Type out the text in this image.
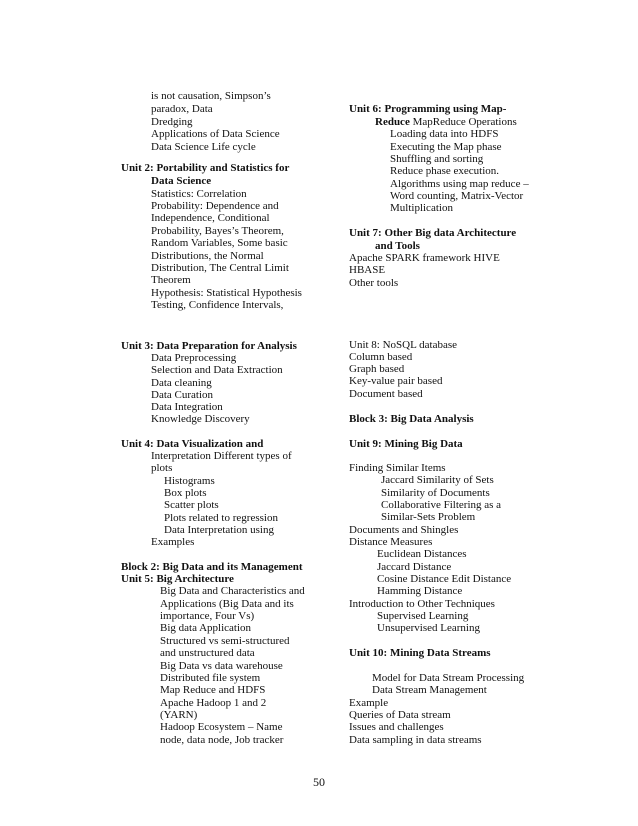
is not causation, Simpson’s
paradox, Data
Dredging
Applications of Data Science
Data Science Life cycle
Unit 2: Portability and Statistics for
Data Science
Statistics: Correlation
Probability: Dependence and
Independence, Conditional
Probability, Bayes’s Theorem,
Random Variables, Some basic
Distributions, the Normal
Distribution, The Central Limit
Theorem
Hypothesis: Statistical Hypothesis
Testing, Confidence Intervals,
Unit 3: Data Preparation for Analysis
Data Preprocessing
Selection and Data Extraction
Data cleaning
Data Curation
Data Integration
Knowledge Discovery
Unit 4: Data Visualization and
Interpretation Different types of
plots
Histograms
Box plots
Scatter plots
Plots related to regression
Data Interpretation using
Examples
Block 2: Big Data and its Management
Unit 5: Big Architecture
Big Data and Characteristics and
Applications (Big Data and its
importance, Four Vs)
Big data Application
Structured vs semi-structured
and unstructured data
Big Data vs data warehouse
Distributed file system
Map Reduce and HDFS
Apache Hadoop 1 and 2
(YARN)
Hadoop Ecosystem – Name
node, data node, Job tracker
Unit 6: Programming using Map-
Reduce MapReduce Operations
Loading data into HDFS
Executing the Map phase
Shuffling and sorting
Reduce phase execution.
Algorithms using map reduce –
Word counting, Matrix-Vector
Multiplication
Unit 7: Other Big data Architecture
and Tools
Apache SPARK framework HIVE
HBASE
Other tools
Unit 8: NoSQL database
Column based
Graph based
Key-value pair based
Document based
Block 3: Big Data Analysis
Unit 9: Mining Big Data
Finding Similar Items
Jaccard Similarity of Sets
Similarity of Documents
Collaborative Filtering as a
Similar-Sets Problem
Documents and Shingles
Distance Measures
Euclidean Distances
Jaccard Distance
Cosine Distance Edit Distance
Hamming Distance
Introduction to Other Techniques
Supervised Learning
Unsupervised Learning
Unit 10: Mining Data Streams
Model for Data Stream Processing
Data Stream Management
Example
Queries of Data stream
Issues and challenges
Data sampling in data streams
50
